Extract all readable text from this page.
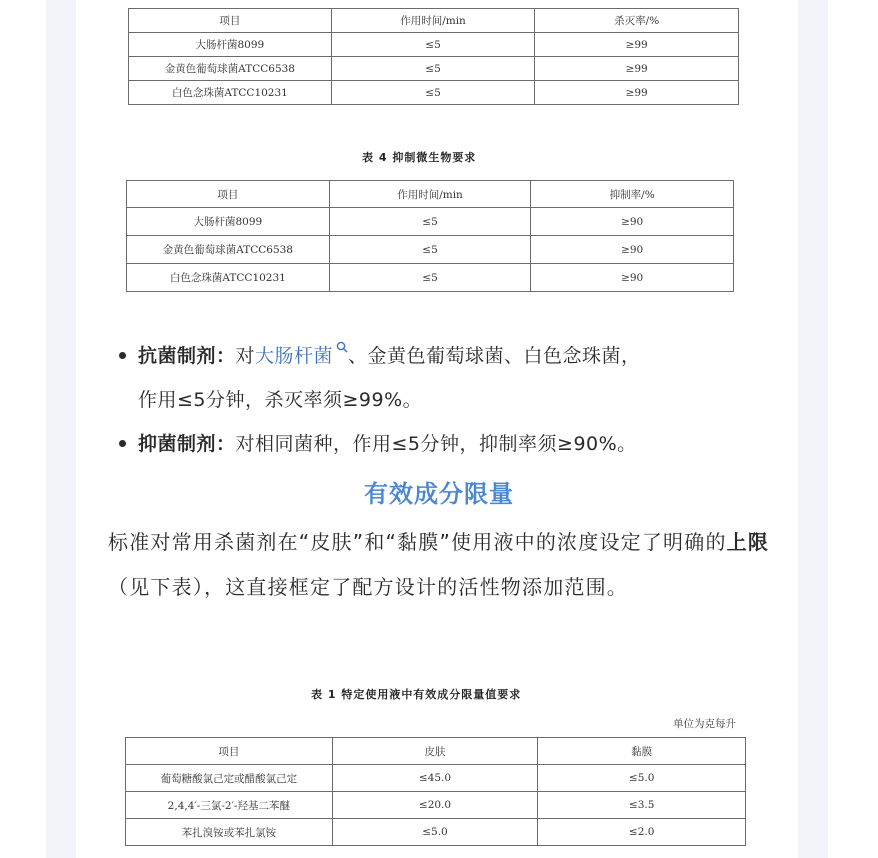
项目	作用时间/min	杀灭率/%
大肠杆菌8099	≤5	≥99
金黄色葡萄球菌ATCC6538	≤5	≥99
白色念珠菌ATCC10231	≤5	≥99
表 4 抑制微生物要求
项目	作用时间/min	抑制率/%
大肠杆菌8099	≤5	≥90
金黄色葡萄球菌ATCC6538	≤5	≥90
白色念珠菌ATCC10231	≤5	≥90
抗菌制剂：对大肠杆菌 、金黄色葡萄球菌、白色念珠菌，
作用≤5分钟，杀灭率须≥99%。
抑菌制剂：对相同菌种，作用≤5分钟，抑制率须≥90%。
有效成分限量
标准对常用杀菌剂在“皮肤”和“黏膜”使用液中的浓度设定了明确的上限（见下表），这直接框定了配方设计的活性物添加范围。
表 1 特定使用液中有效成分限量值要求
单位为克每升
项目	皮肤	黏膜
葡萄糖酸氯己定或醋酸氯己定	≤45.0	≤5.0
2,4,4′-三氯-2′-羟基二苯醚	≤20.0	≤3.5
苯扎溴铵或苯扎氯铵	≤5.0	≤2.0
